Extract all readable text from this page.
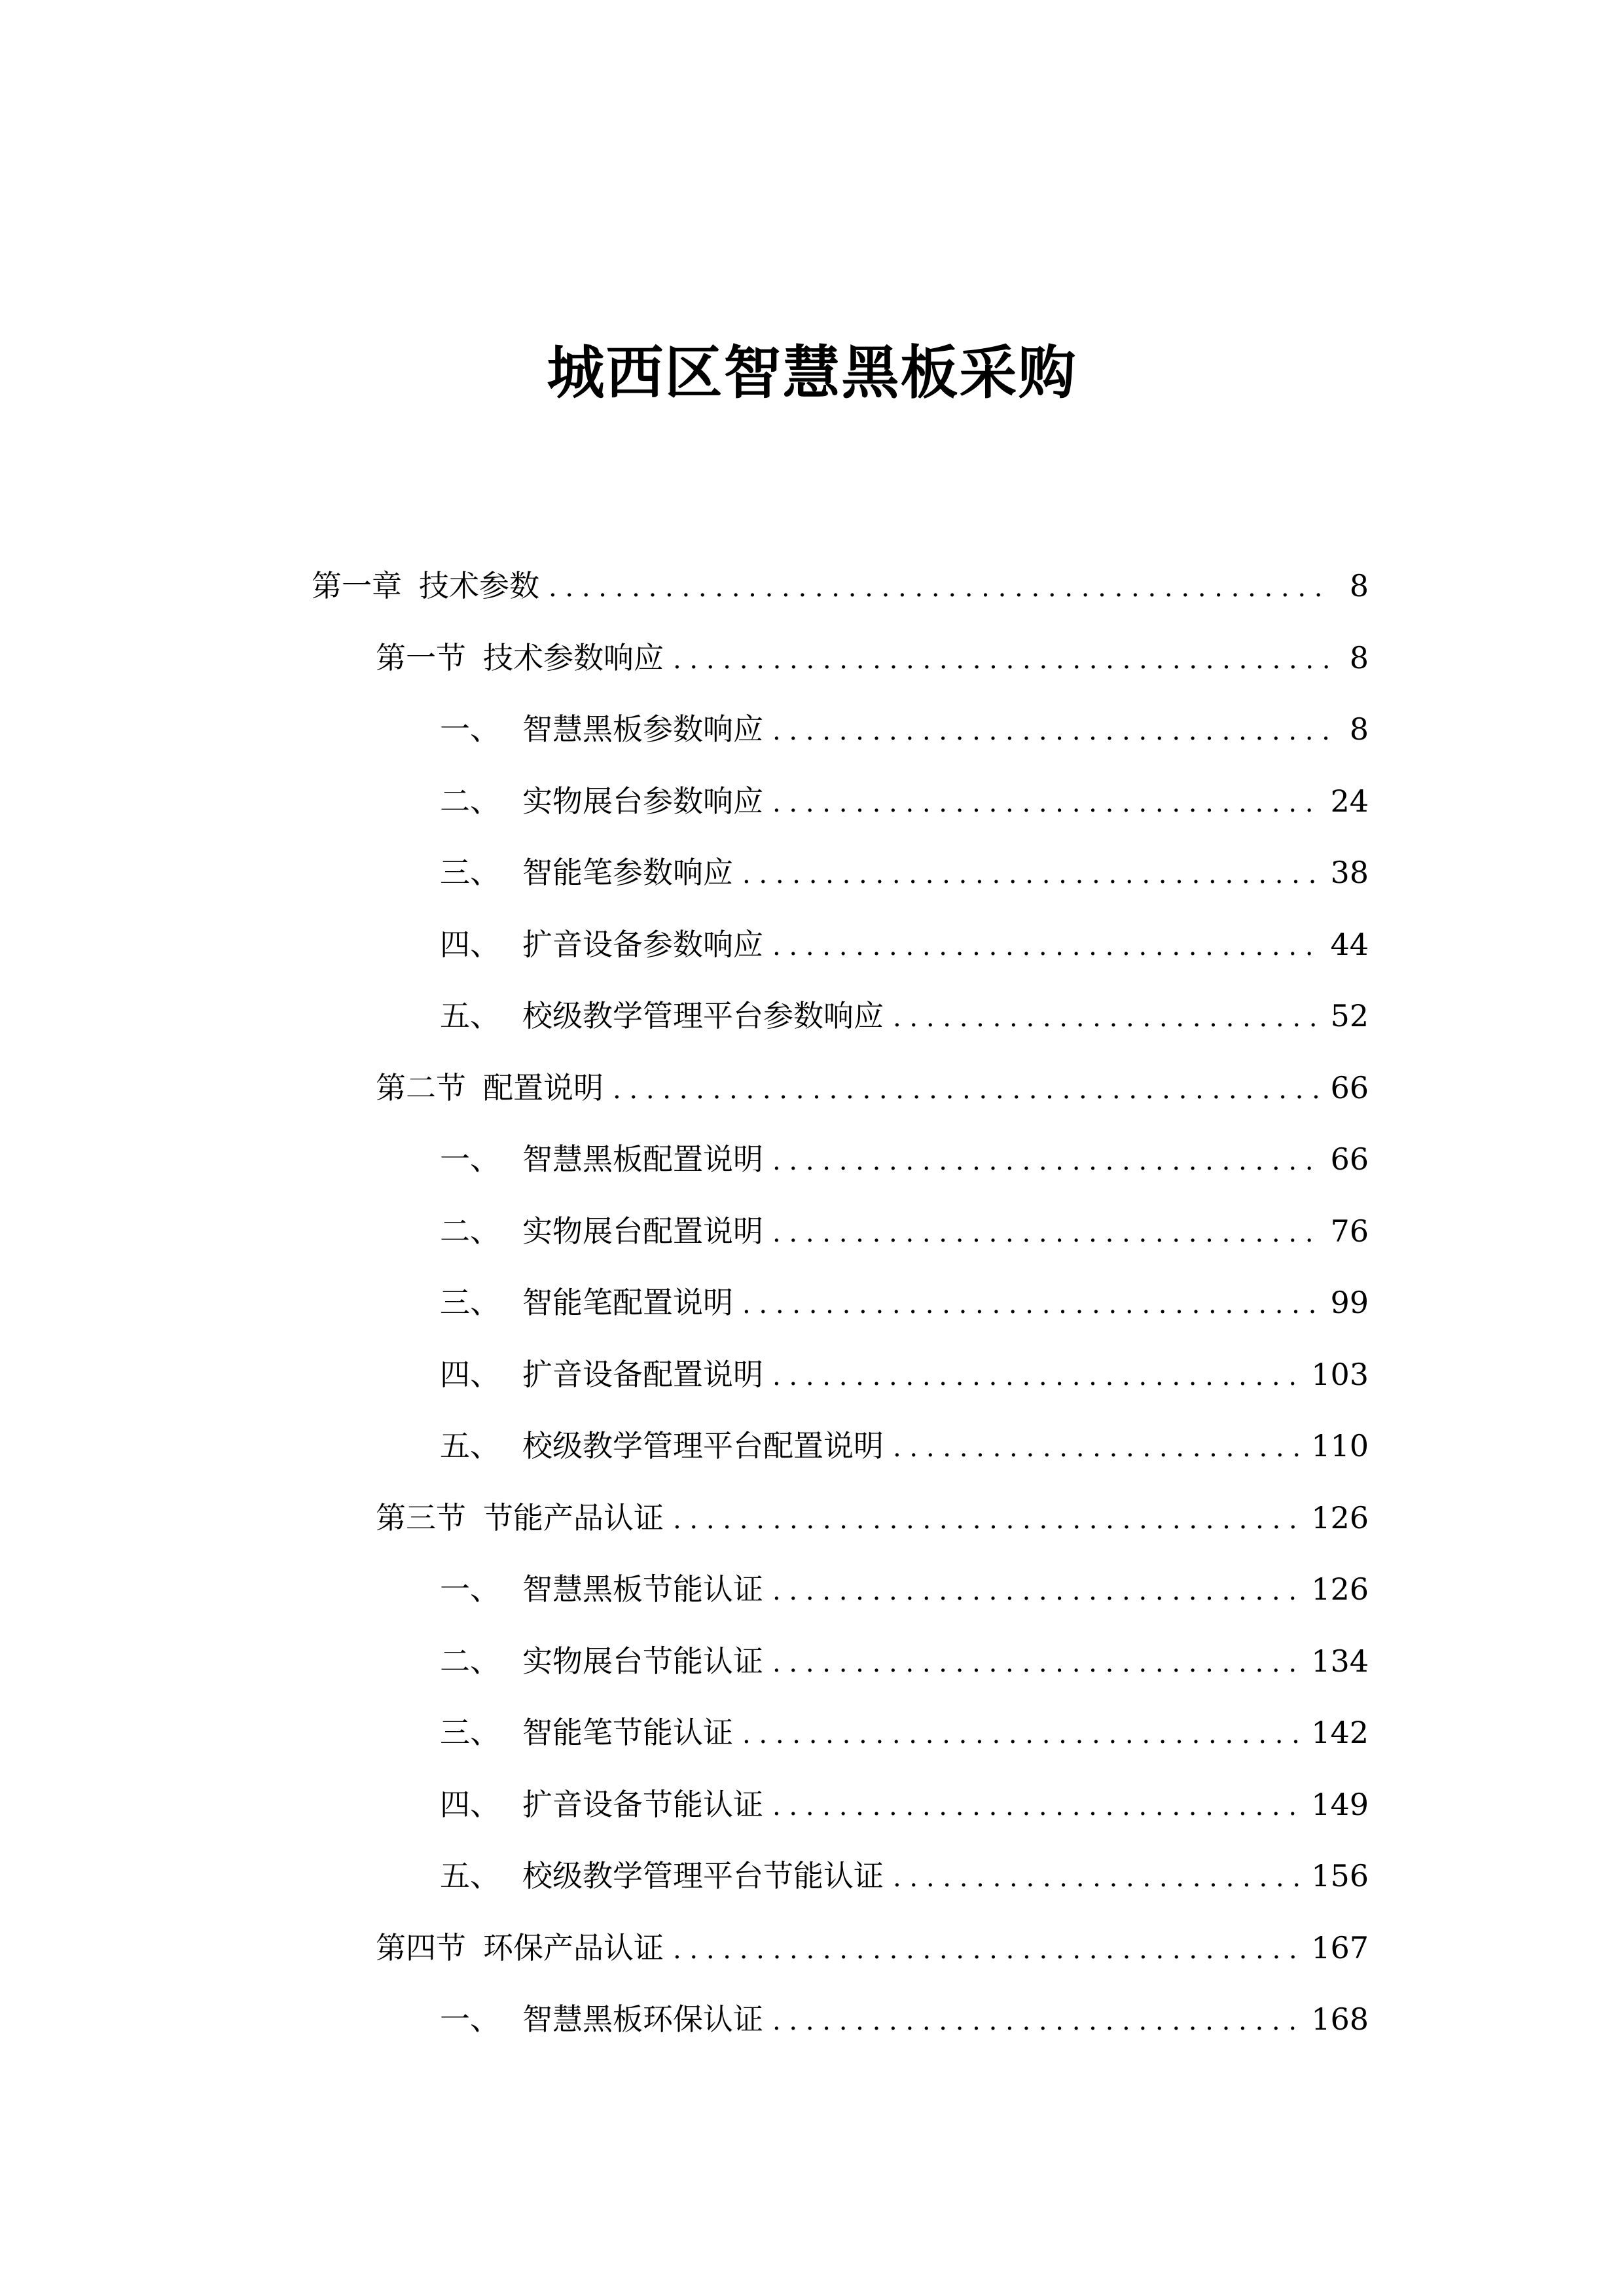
城西区智慧黑板采购
第一章 技术参数 . . .	8
第一节 技术参数响应 . . .	8
一、 智慧黑板参数响应 . . .	8
二、 实物展台参数响应 . . .	24
三、 智能笔参数响应 . . .	38
四、 扩音设备参数响应 . . .	44
五、 校级教学管理平台参数响应 . . .	52
第二节 配置说明 . . .	66
一、 智慧黑板配置说明 . . .	66
二、 实物展台配置说明 . . .	76
三、 智能笔配置说明 . . .	99
四、 扩音设备配置说明 . . .	103
五、 校级教学管理平台配置说明 . . .	110
第三节 节能产品认证 . . .	126
一、 智慧黑板节能认证 . . .	126
二、 实物展台节能认证 . . .	134
三、 智能笔节能认证 . . .	142
四、 扩音设备节能认证 . . .	149
五、 校级教学管理平台节能认证 . . .	156
第四节 环保产品认证 . . .	167
一、 智慧黑板环保认证 . . .	168
